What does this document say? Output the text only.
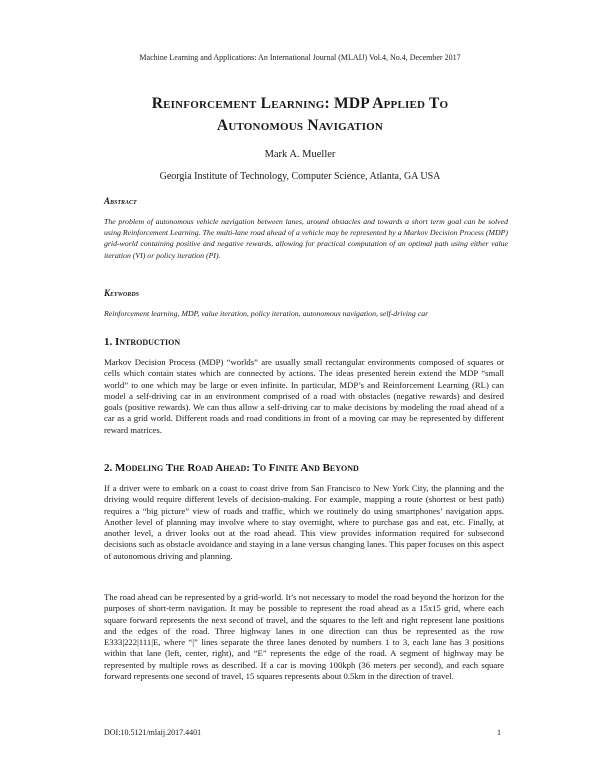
Machine Learning and Applications: An International Journal (MLAIJ) Vol.4, No.4, December 2017
Reinforcement Learning: MDP Applied To
Autonomous Navigation
Mark A. Mueller
Georgia Institute of Technology, Computer Science, Atlanta, GA USA
Abstract
The problem of autonomous vehicle navigation between lanes, around obstacles and towards a short term goal can be solved using Reinforcement Learning. The multi-lane road ahead of a vehicle may be represented by a Markov Decision Process (MDP) grid-world containing positive and negative rewards, allowing for practical computation of an optimal path using either value iteration (VI) or policy iteration (PI).
Keywords
Reinforcement learning, MDP, value iteration, policy iteration, autonomous navigation, self-driving car
1. Introduction
Markov Decision Process (MDP) “worlds” are usually small rectangular environments composed of squares or cells which contain states which are connected by actions. The ideas presented herein extend the MDP “small world” to one which may be large or even infinite. In particular, MDP’s and Reinforcement Learning (RL) can model a self-driving car in an environment comprised of a road with obstacles (negative rewards) and desired goals (positive rewards). We can thus allow a self-driving car to make decisions by modeling the road ahead of a car as a grid world. Different roads and road conditions in front of a moving car may be represented by different reward matrices.
2. Modeling The Road Ahead: To Finite And Beyond
If a driver were to embark on a coast to coast drive from San Francisco to New York City, the planning and the driving would require different levels of decision-making. For example, mapping a route (shortest or best path) requires a “big picture” view of roads and traffic, which we routinely do using smartphones’ navigation apps. Another level of planning may involve where to stay overnight, where to purchase gas and eat, etc. Finally, at another level, a driver looks out at the road ahead. This view provides information required for subsecond decisions such as obstacle avoidance and staying in a lane versus changing lanes. This paper focuses on this aspect of autonomous driving and planning.
The road ahead can be represented by a grid-world. It’s not necessary to model the road beyond the horizon for the purposes of short-term navigation. It may be possible to represent the road ahead as a 15x15 grid, where each square forward represents the next second of travel, and the squares to the left and right represent lane positions and the edges of the road. Three highway lanes in one direction can thus be represented as the row E333|222|111|E, where “|” lines separate the three lanes denoted by numbers 1 to 3, each lane has 3 positions within that lane (left, center, right), and “E” represents the edge of the road. A segment of highway may be represented by multiple rows as described. If a car is moving 100kph (36 meters per second), and each square forward represents one second of travel, 15 squares represents about 0.5km in the direction of travel.
DOI:10.5121/mlaij.2017.4401	1
